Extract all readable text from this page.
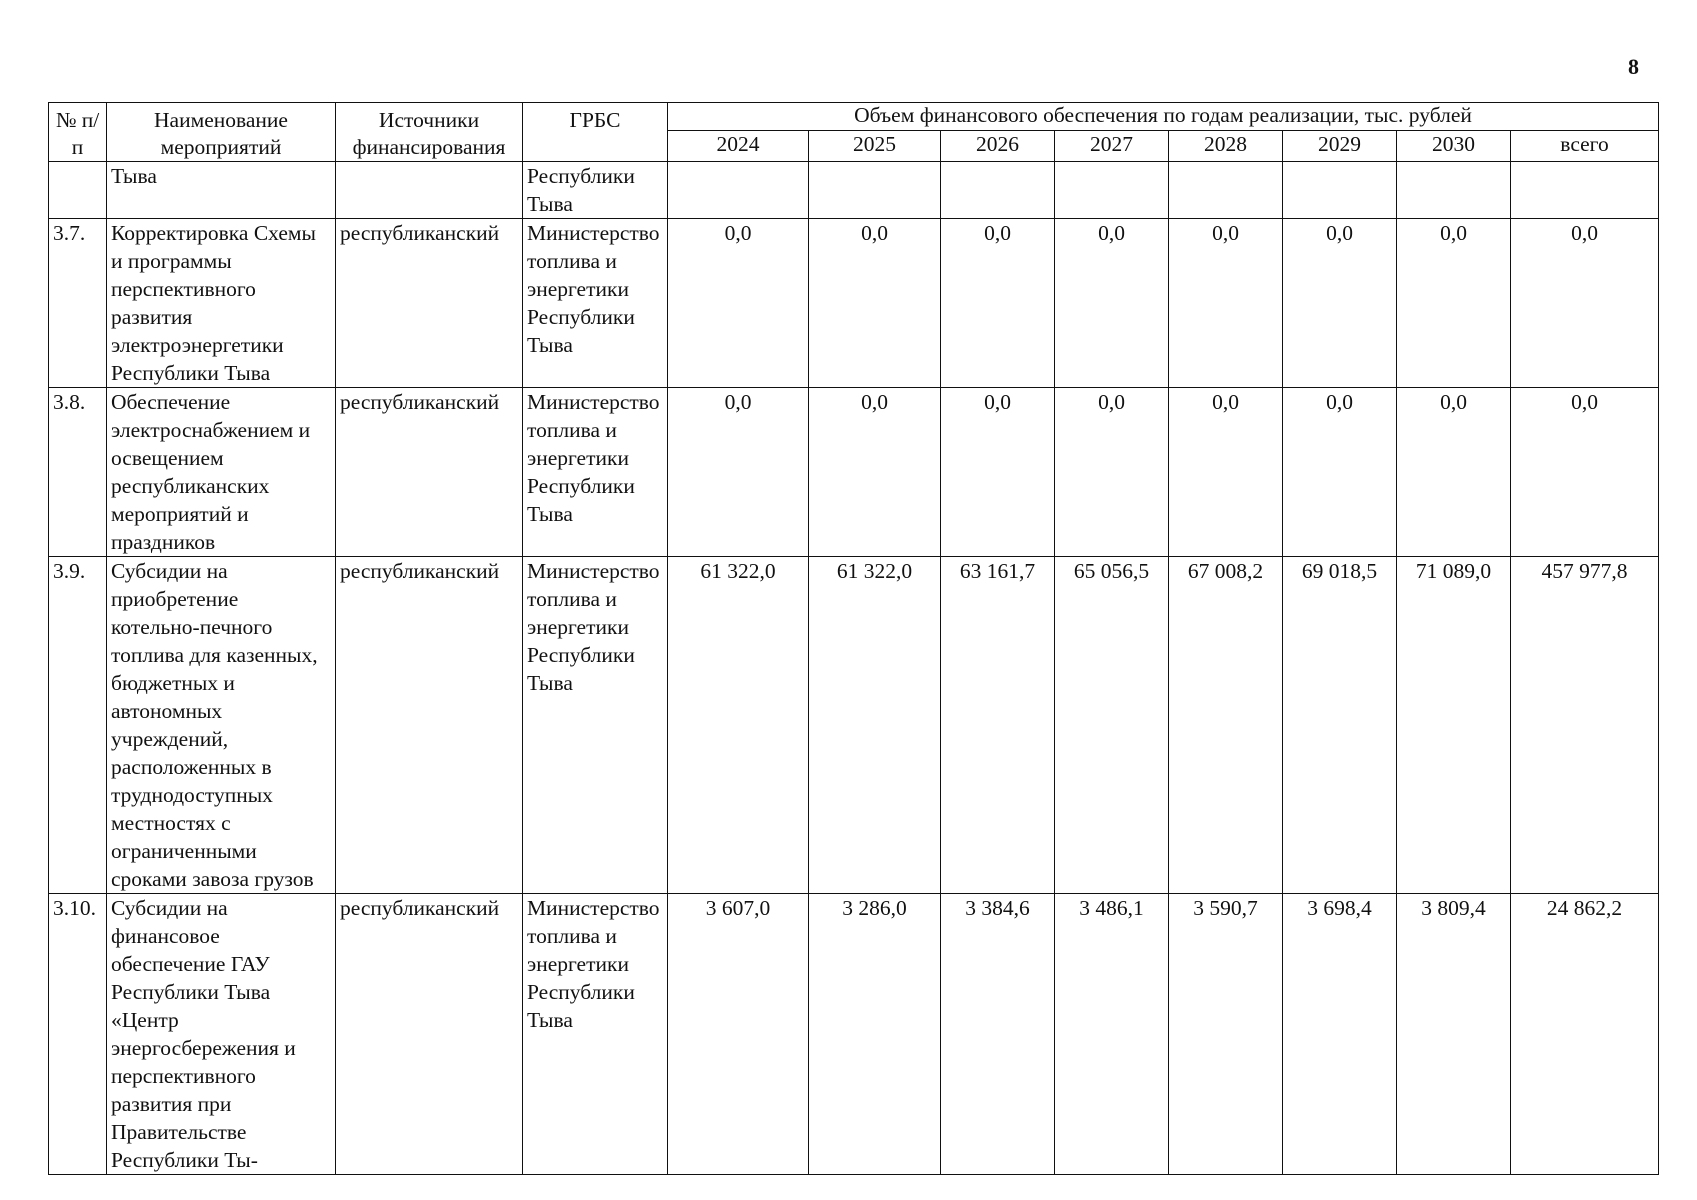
8
№ п/п	Наименование мероприятий	Источники финансирования	ГРБС	Объем финансового обеспечения по годам реализации, тыс. рублей							
				2024	2025	2026	2027	2028	2029	2030	всего
	Тыва		Республики Тыва								
3.7.	Корректировка Схемы и программы перспективного развития электроэнергетики Республики Тыва	республиканский	Министерство топлива и энергетики Республики Тыва	0,0	0,0	0,0	0,0	0,0	0,0	0,0	0,0
3.8.	Обеспечение электроснабжением и освещением республиканских мероприятий и праздников	республиканский	Министерство топлива и энергетики Республики Тыва	0,0	0,0	0,0	0,0	0,0	0,0	0,0	0,0
3.9.	Субсидии на приобретение котельно-печного топлива для казенных, бюджетных и автономных учреждений, расположенных в труднодоступных местностях с ограниченными сроками завоза грузов	республиканский	Министерство топлива и энергетики Республики Тыва	61 322,0	61 322,0	63 161,7	65 056,5	67 008,2	69 018,5	71 089,0	457 977,8
3.10.	Субсидии на финансовое обеспечение ГАУ Республики Тыва «Центр энергосбережения и перспективного развития при Правительстве Республики Ты-	республиканский	Министерство топлива и энергетики Республики Тыва	3 607,0	3 286,0	3 384,6	3 486,1	3 590,7	3 698,4	3 809,4	24 862,2
